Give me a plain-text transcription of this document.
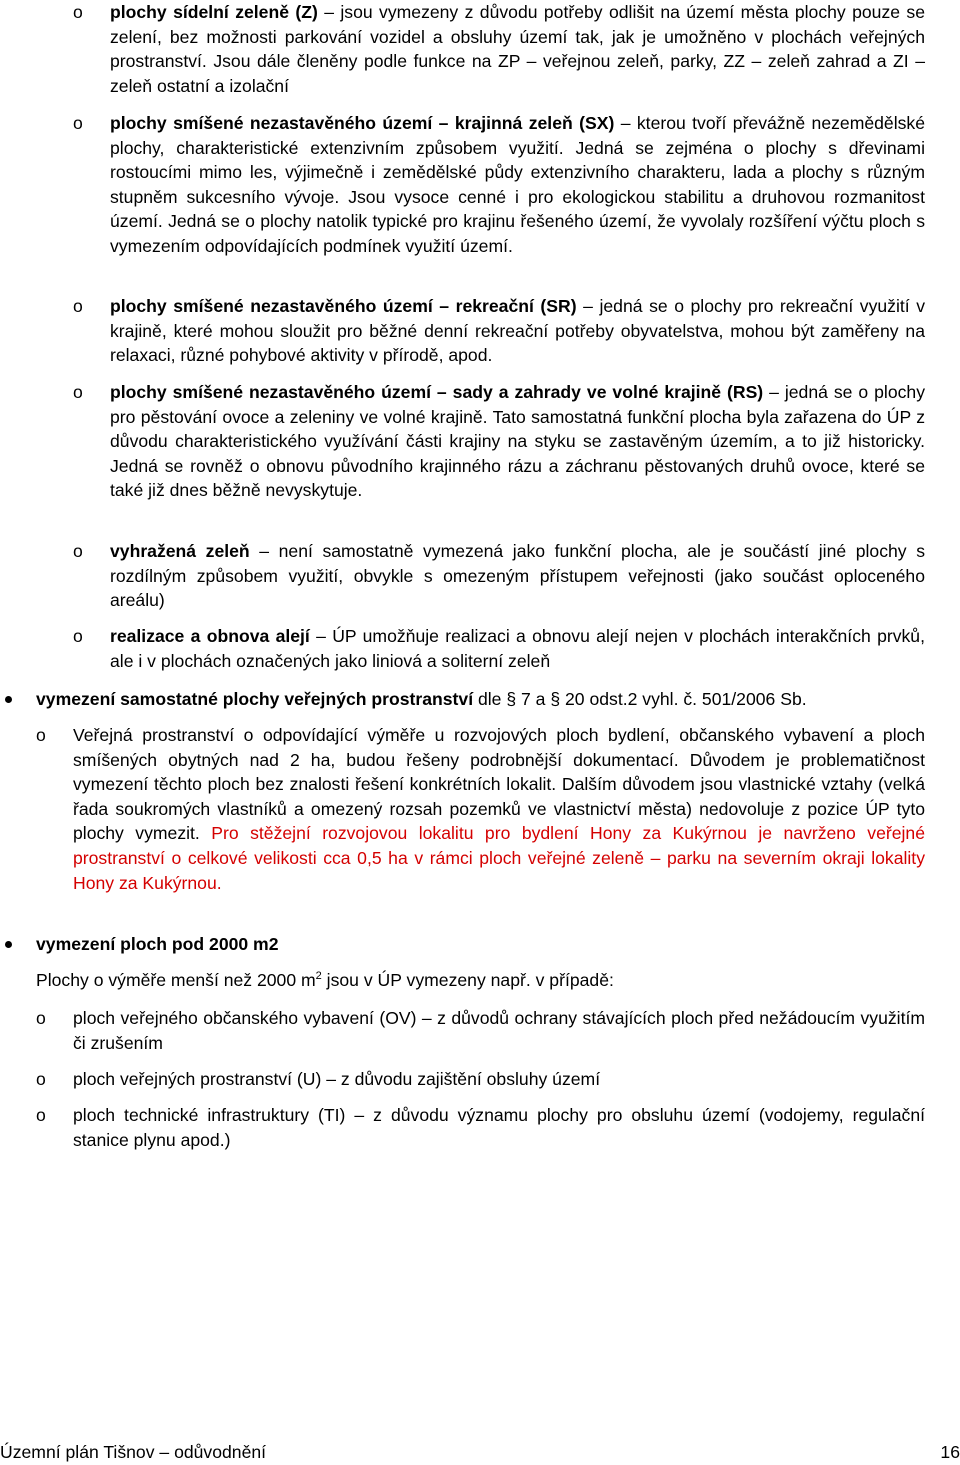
o plochy sídelní zeleně (Z) – jsou vymezeny z důvodu potřeby odlišit na území města plochy pouze se zelení, bez možnosti parkování vozidel a obsluhy území tak, jak je umožněno v plochách veřejných prostranství. Jsou dále členěny podle funkce na ZP – veřejnou zeleň, parky, ZZ – zeleň zahrad a ZI – zeleň ostatní a izolační
o plochy smíšené nezastavěného území – krajinná zeleň (SX) – kterou tvoří převážně nezemědělské plochy, charakteristické extenzivním způsobem využití. Jedná se zejména o plochy s dřevinami rostoucími mimo les, výjimečně i zemědělské půdy extenzivního charakteru, lada a plochy s různým stupněm sukcesního vývoje. Jsou vysoce cenné i pro ekologickou stabilitu a druhovou rozmanitost území. Jedná se o plochy natolik typické pro krajinu řešeného území, že vyvolaly rozšíření výčtu ploch s vymezením odpovídajících podmínek využití území.
o plochy smíšené nezastavěného území – rekreační (SR) – jedná se o plochy pro rekreační využití v krajině, které mohou sloužit pro běžné denní rekreační potřeby obyvatelstva, mohou být zaměřeny na relaxaci, různé pohybové aktivity v přírodě, apod.
o plochy smíšené nezastavěného území – sady a zahrady ve volné krajině (RS) – jedná se o plochy pro pěstování ovoce a zeleniny ve volné krajině. Tato samostatná funkční plocha byla zařazena do ÚP z důvodu charakteristického využívání části krajiny na styku se zastavěným územím, a to již historicky. Jedná se rovněž o obnovu původního krajinného rázu a záchranu pěstovaných druhů ovoce, které se také již dnes běžně nevyskytuje.
o vyhražená zeleň – není samostatně vymezená jako funkční plocha, ale je součástí jiné plochy s rozdílným způsobem využití, obvykle s omezeným přístupem veřejnosti (jako součást oploceného areálu)
o realizace a obnova alejí – ÚP umožňuje realizaci a obnovu alejí nejen v plochách interakčních prvků, ale i v plochách označených jako liniová a soliterní zeleň
vymezení samostatné plochy veřejných prostranství dle § 7 a § 20 odst.2 vyhl. č. 501/2006 Sb.
o Veřejná prostranství o odpovídající výměře u rozvojových ploch bydlení, občanského vybavení a ploch smíšených obytných nad 2 ha, budou řešeny podrobnější dokumentací. Důvodem je problematičnost vymezení těchto ploch bez znalosti řešení konkrétních lokalit. Dalším důvodem jsou vlastnické vztahy (velká řada soukromých vlastníků a omezený rozsah pozemků ve vlastnictví města) nedovoluje z pozice ÚP tyto plochy vymezit. Pro stěžejní rozvojovou lokalitu pro bydlení Hony za Kukýrnou je navrženo veřejné prostranství o celkové velikosti cca 0,5 ha v rámci ploch veřejné zeleně – parku na severním okraji lokality Hony za Kukýrnou.
vymezení ploch pod 2000 m2
Plochy o výměře menší než 2000 $m^2$ jsou v ÚP vymezeny např. v případě:
o ploch veřejného občanského vybavení (OV) – z důvodů ochrany stávajících ploch před nežádoucím využitím či zrušením
o ploch veřejných prostranství (U) – z důvodu zajištění obsluhy území
o ploch technické infrastruktury (TI) – z důvodu významu plochy pro obsluhu území (vodojemy, regulační stanice plynu apod.)
Územní plán Tišnov – odůvodnění	16
